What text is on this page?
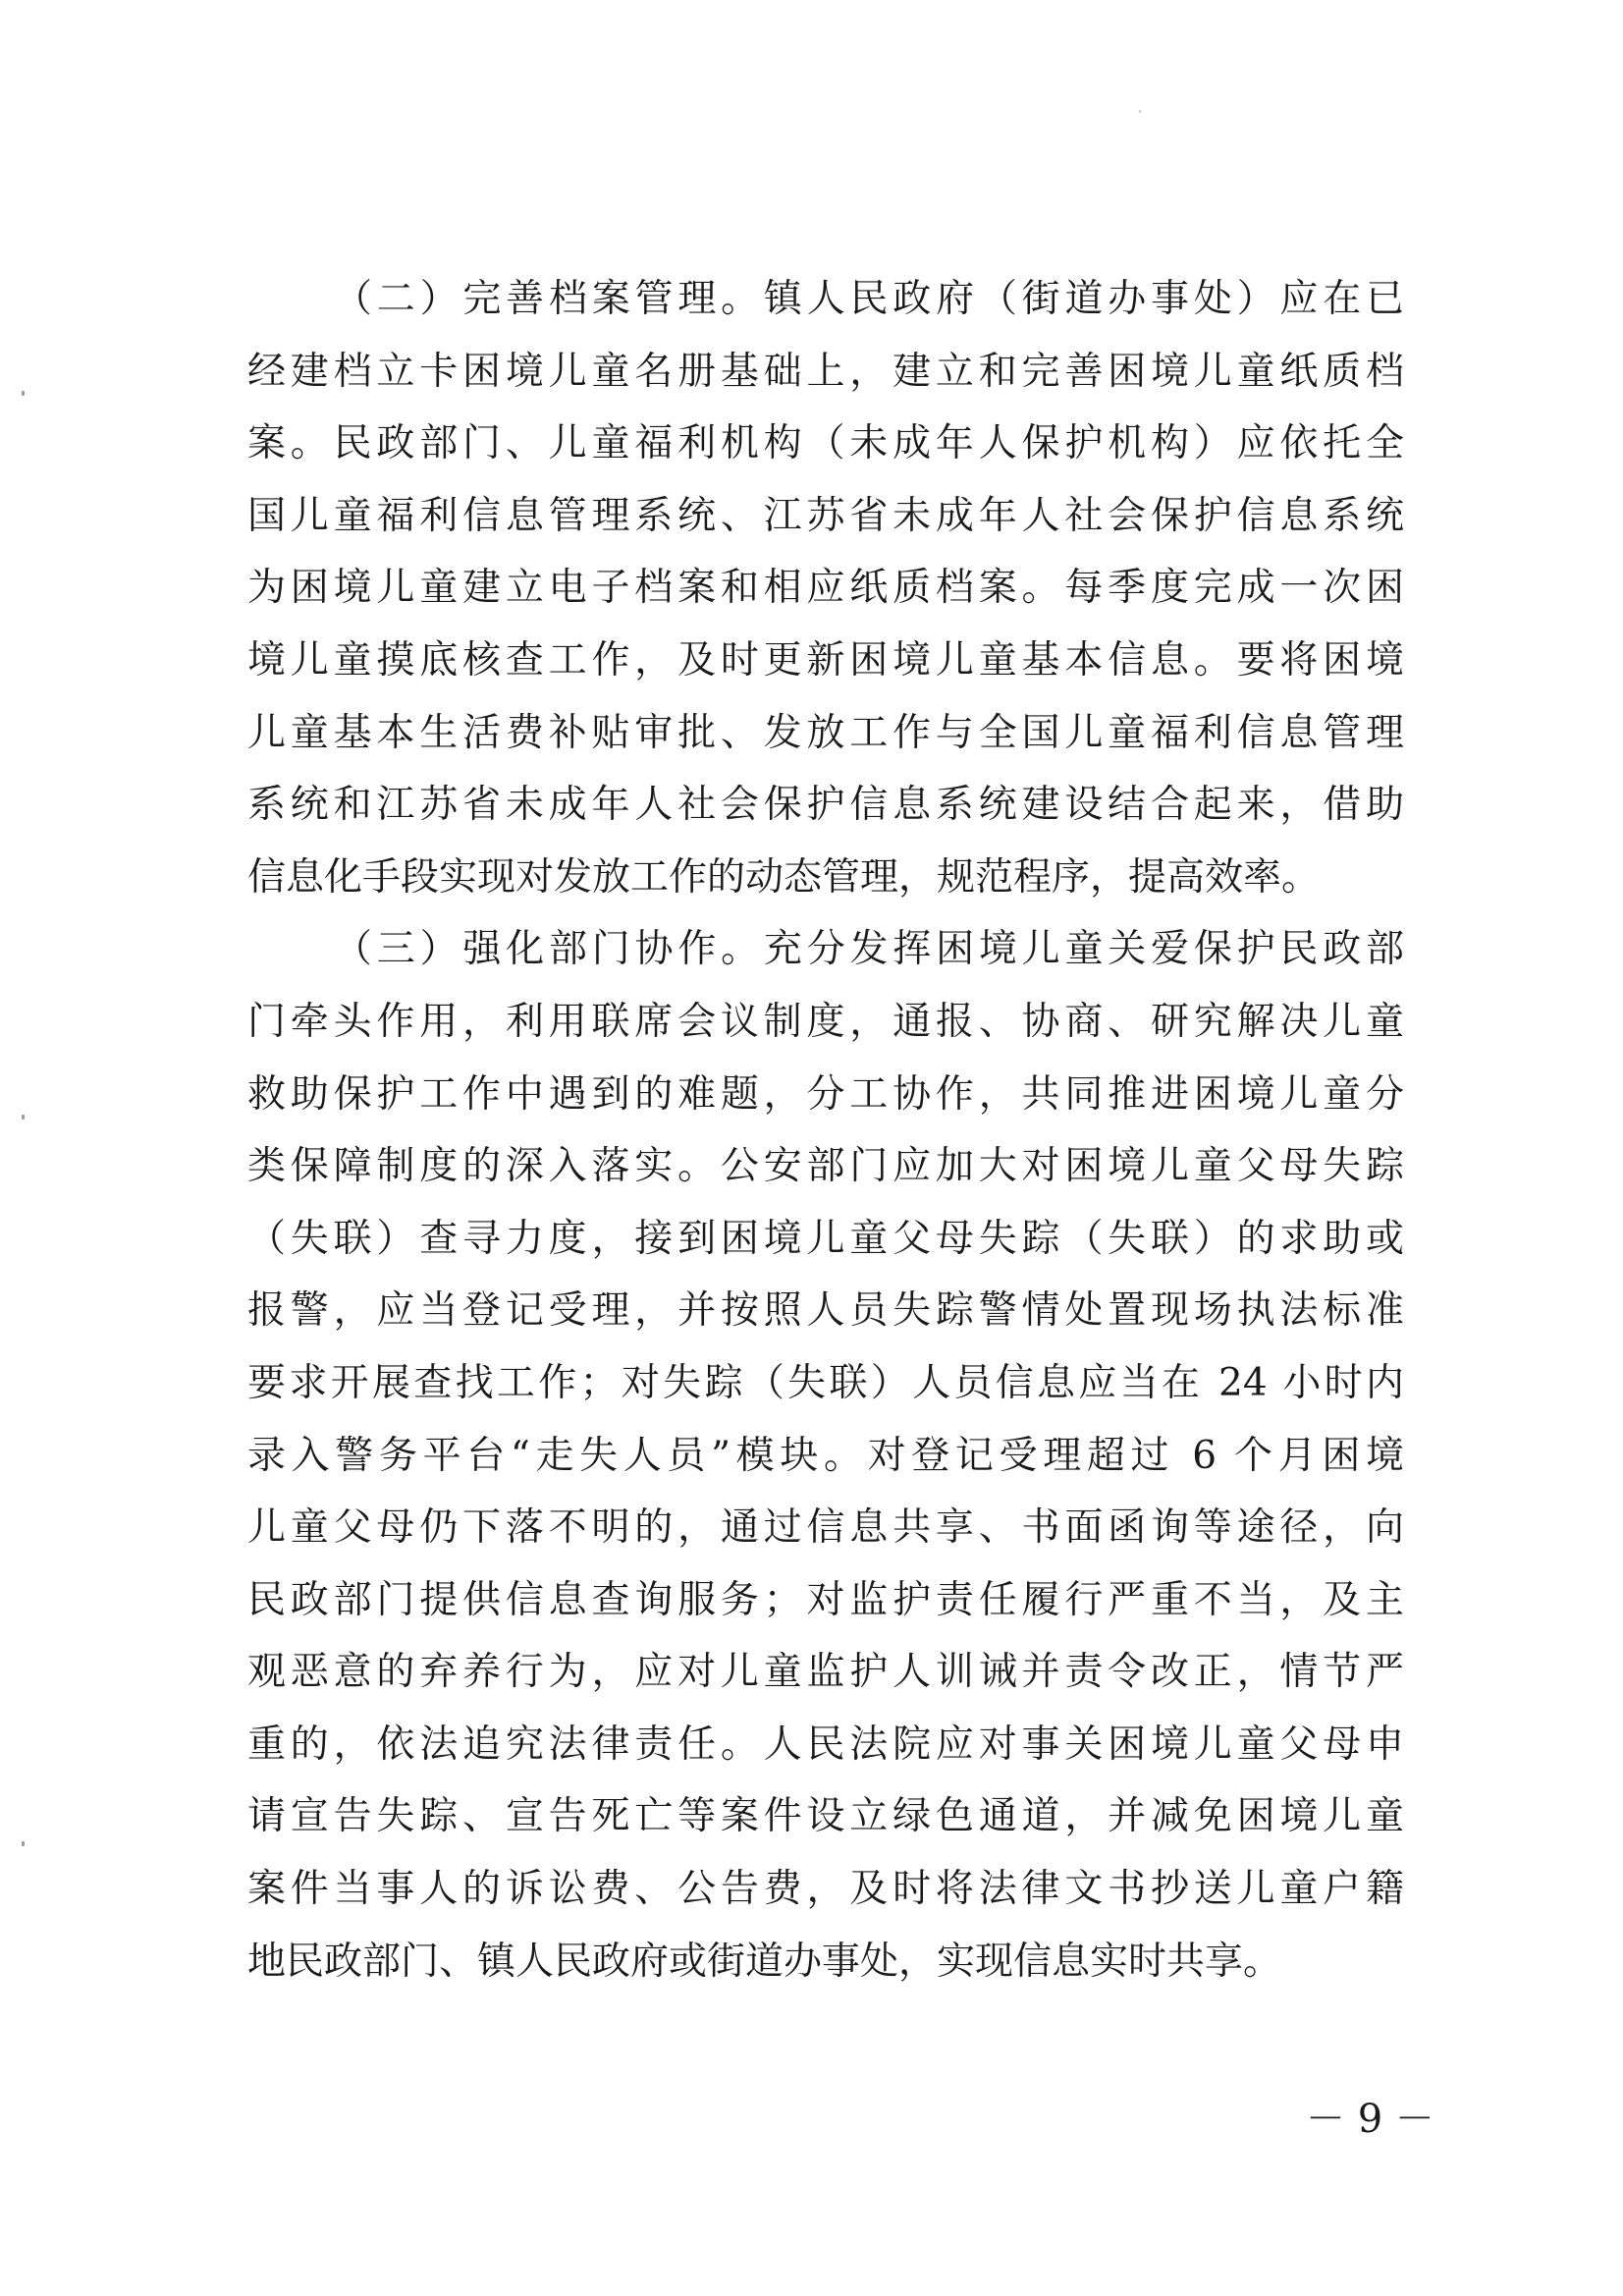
（二）完善档案管理。镇人民政府（街道办事处）应在已
经建档立卡困境儿童名册基础上，建立和完善困境儿童纸质档
案。民政部门、儿童福利机构（未成年人保护机构）应依托全
国儿童福利信息管理系统、江苏省未成年人社会保护信息系统
为困境儿童建立电子档案和相应纸质档案。每季度完成一次困
境儿童摸底核查工作，及时更新困境儿童基本信息。要将困境
儿童基本生活费补贴审批、发放工作与全国儿童福利信息管理
系统和江苏省未成年人社会保护信息系统建设结合起来，借助
信息化手段实现对发放工作的动态管理，规范程序，提高效率。
（三）强化部门协作。充分发挥困境儿童关爱保护民政部
门牵头作用，利用联席会议制度，通报、协商、研究解决儿童
救助保护工作中遇到的难题，分工协作，共同推进困境儿童分
类保障制度的深入落实。公安部门应加大对困境儿童父母失踪
（失联）查寻力度，接到困境儿童父母失踪（失联）的求助或
报警，应当登记受理，并按照人员失踪警情处置现场执法标准
要求开展查找工作；对失踪（失联）人员信息应当在 24 小时内
录入警务平台“走失人员”模块。对登记受理超过 6 个月困境
儿童父母仍下落不明的，通过信息共享、书面函询等途径，向
民政部门提供信息查询服务；对监护责任履行严重不当，及主
观恶意的弃养行为，应对儿童监护人训诫并责令改正，情节严
重的，依法追究法律责任。人民法院应对事关困境儿童父母申
请宣告失踪、宣告死亡等案件设立绿色通道，并减免困境儿童
案件当事人的诉讼费、公告费，及时将法律文书抄送儿童户籍
地民政部门、镇人民政府或街道办事处，实现信息实时共享。
－ 9 －
